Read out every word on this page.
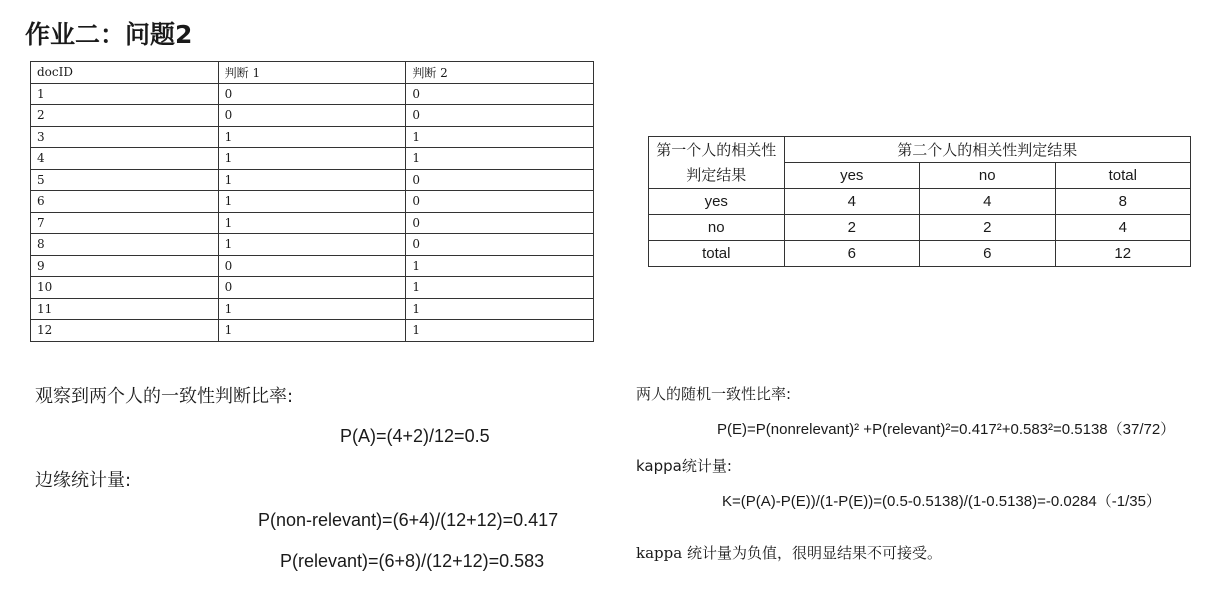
作业二：问题2
docID	判断 1	判断 2
1	0	0
2	0	0
3	1	1
4	1	1
5	1	0
6	1	0
7	1	0
8	1	0
9	0	1
10	0	1
11	1	1
12	1	1
第一个人的相关性判定结果	第二个人的相关性判定结果		
	yes	no	total
yes	4	4	8
no	2	2	4
total	6	6	12
观察到两个人的一致性判断比率:
P(A)=(4+2)/12=0.5
边缘统计量:
P(non-relevant)=(6+4)/(12+12)=0.417
P(relevant)=(6+8)/(12+12)=0.583
两人的随机一致性比率:
P(E)=P(nonrelevant)² +P(relevant)²=0.417²+0.583²=0.5138（37/72）
kappa统计量:
K=(P(A)-P(E))/(1-P(E))=(0.5-0.5138)/(1-0.5138)=-0.0284（-1/35）
kappa 统计量为负值，很明显结果不可接受。
